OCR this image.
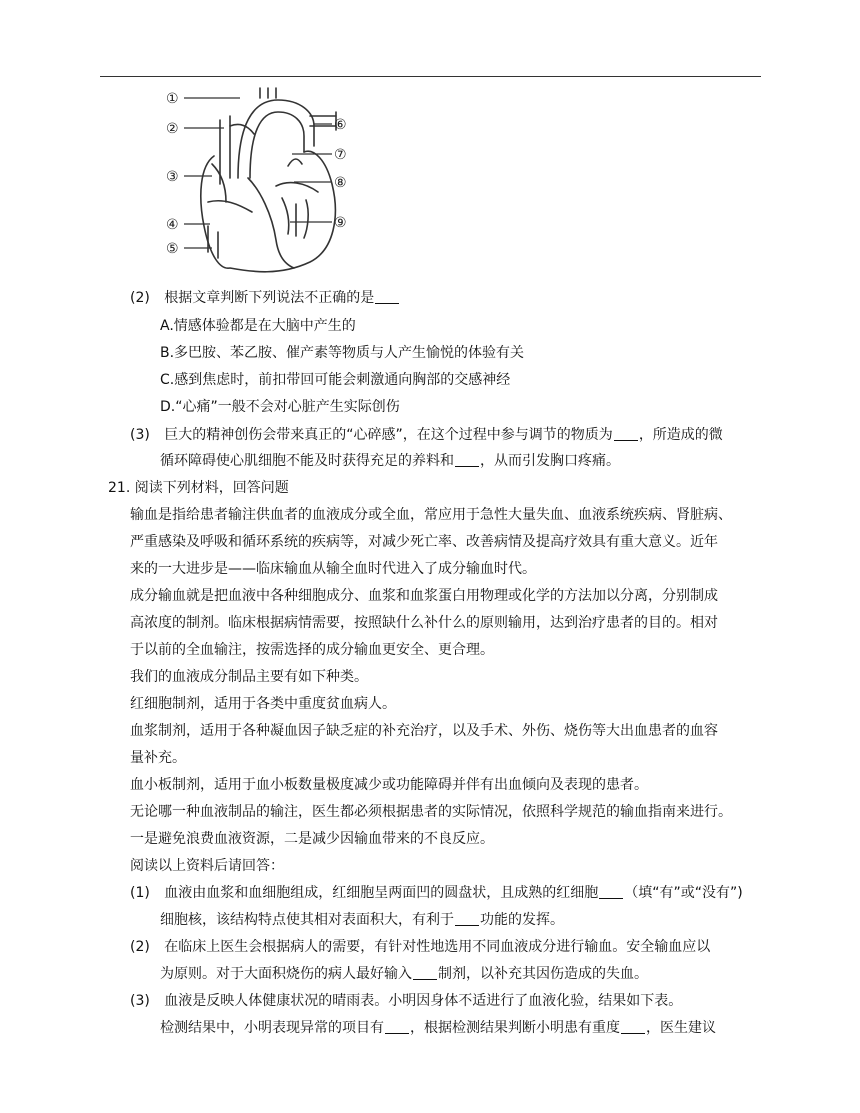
①
②
③
④
⑤
⑥
⑦
⑧
⑨
(2) 根据文章判断下列说法不正确的是
A.情感体验都是在大脑中产生的
B.多巴胺、苯乙胺、催产素等物质与人产生愉悦的体验有关
C.感到焦虑时，前扣带回可能会刺激通向胸部的交感神经
D.“心痛”一般不会对心脏产生实际创伤
(3) 巨大的精神创伤会带来真正的“心碎感”，在这个过程中参与调节的物质为 ，所造成的微
循环障碍使心肌细胞不能及时获得充足的养料和 ，从而引发胸口疼痛。
21. 阅读下列材料，回答问题
输血是指给患者输注供血者的血液成分或全血，常应用于急性大量失血、血液系统疾病、肾脏病、
严重感染及呼吸和循环系统的疾病等，对减少死亡率、改善病情及提高疗效具有重大意义。近年
来的一大进步是——临床输血从输全血时代进入了成分输血时代。
成分输血就是把血液中各种细胞成分、血浆和血浆蛋白用物理或化学的方法加以分离，分别制成
高浓度的制剂。临床根据病情需要，按照缺什么补什么的原则输用，达到治疗患者的目的。相对
于以前的全血输注，按需选择的成分输血更安全、更合理。
我们的血液成分制品主要有如下种类。
红细胞制剂，适用于各类中重度贫血病人。
血浆制剂，适用于各种凝血因子缺乏症的补充治疗，以及手术、外伤、烧伤等大出血患者的血容
量补充。
血小板制剂，适用于血小板数量极度减少或功能障碍并伴有出血倾向及表现的患者。
无论哪一种血液制品的输注，医生都必须根据患者的实际情况，依照科学规范的输血指南来进行。
一是避免浪费血液资源，二是减少因输血带来的不良反应。
阅读以上资料后请回答：
(1) 血液由血浆和血细胞组成，红细胞呈两面凹的圆盘状，且成熟的红细胞 （填“有”或“没有”)
细胞核，该结构特点使其相对表面积大，有利于 功能的发挥。
(2) 在临床上医生会根据病人的需要，有针对性地选用不同血液成分进行输血。安全输血应以
为原则。对于大面积烧伤的病人最好输入 制剂，以补充其因伤造成的失血。
(3) 血液是反映人体健康状况的晴雨表。小明因身体不适进行了血液化验，结果如下表。
检测结果中，小明表现异常的项目有 ，根据检测结果判断小明患有重度 ，医生建议
